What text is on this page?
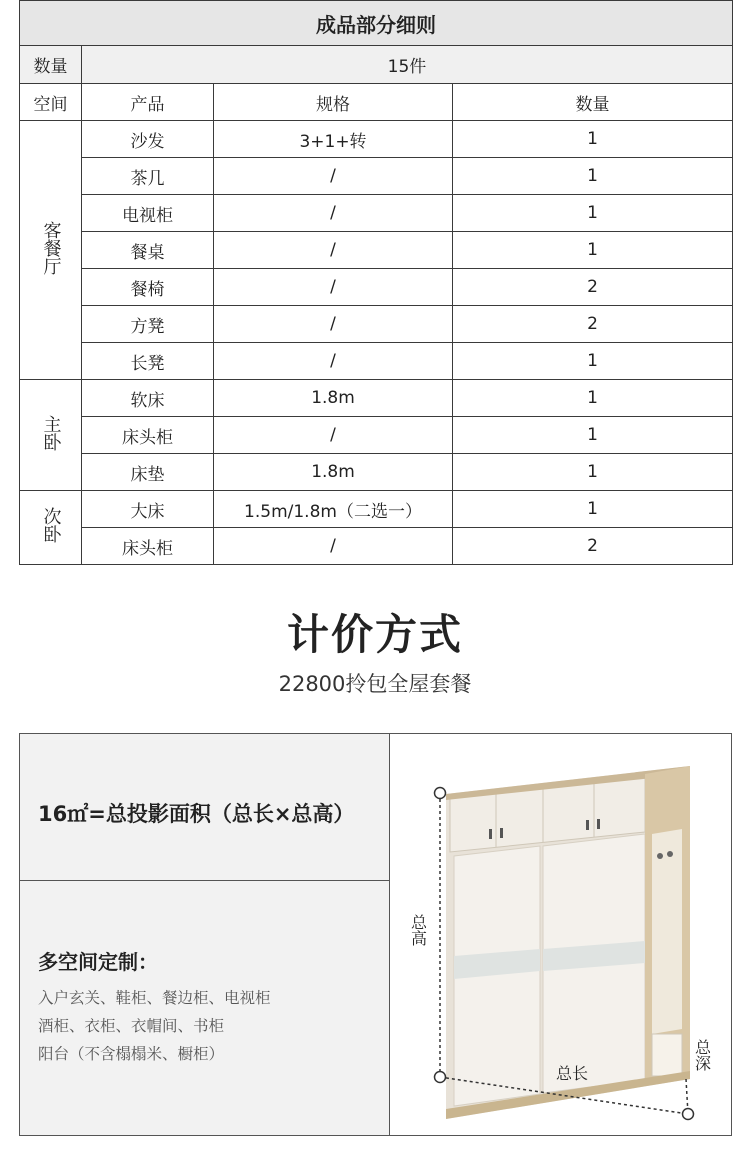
成品部分细则			
数量	15件		
空间	产品	规格	数量
客餐厅	沙发	3+1+转	1
	茶几	/	1
	电视柜	/	1
	餐桌	/	1
	餐椅	/	2
	方凳	/	2
	长凳	/	1
主卧	软床	1.8m	1
	床头柜	/	1
	床垫	1.8m	1
次卧	大床	1.5m/1.8m（二选一）	1
	床头柜	/	2
计价方式
22800拎包全屋套餐
16㎡=总投影面积（总长×总高）
多空间定制：
入户玄关、鞋柜、餐边柜、电视柜
酒柜、衣柜、衣帽间、书柜
阳台（不含榻榻米、橱柜）
总高
总长
总深
